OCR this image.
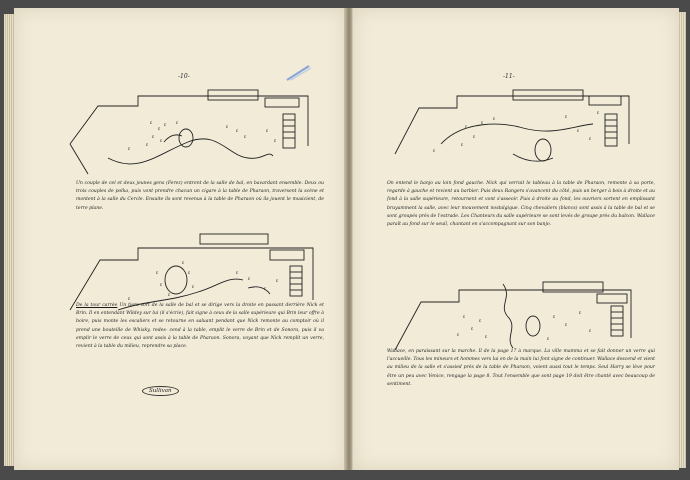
-10-
ε
ε
ε
ε
ε
ε
ε
ε
ε
ε
ε
ε
ε

Un couple de cel et deux jeunes gens (Ferez) entrent de la salle de bal, en bavardant ensemble. Deux ou trois couples de polka, puis vont prendre chacun un cigare à la table de Pharaon, traversent la scène et montent à la salle du Cercle. Ensuite ils sont revenus à la table de Pharaon où ils jouent le musicient, de terre plane.

ε
ε
ε
ε
ε
ε
ε
ε
ε
ε
ε

De la tour carrée Un tiers sort de la salle de bal et se dirige vers la droite en passant derrière Nick et Brin. Il en entendant Wildey sur lui (il s'écrie), fait signe à ceux de la salle supérieure qui Brin leur offre à boire, puis monte les escaliers et se retourne en saluant pendant que Nick remonte au comptoir où il prend une bouteille de Whisky, redes- cend à la table, emplit le verre de Brin et de Sonora, puis il va emplir le verre de ceux qui sont assis à la table de Pharaon. Sonora, voyant que Nick remplit un verre, revient à la table du milieu, reprendre sa place.

Sullivan
-11-
ε
ε
ε
ε
ε	ε
ε
ε
ε
ε

On entend le banjo au loin fond gauche. Nick qui verrait le tableau à la table de Pharaon, remonte à sa porte, regarde à gauche et revient au barbier. Puis deux Rangers s'avancent du côté, puis un berger à bois à droite et au fond à la salle supérieure, retournent et vont s'asseoir. Puis à droite au fond, les ouvriers sortent en emplissant bruyamment la salle, avec leur mouvement nostalgique. Cinq chevaliers (blancs) sont assis à la table de bal et se sont groupés près de l'estrade. Les Chanteurs du salle supérieure se sont levés de groupe près du balcon. Wallace paraît au fond sur le seuil, chantant en s'accompagnant sur son banjo.

ε
ε
ε
ε	ε
ε
ε
ε
ε
ε

Wallace, en paraissant sur la marche. Il de la page 17 à marque. La ville mamma et se fait donner un verre qui l'accueille. Tous les mineurs et hommes vers lui en de la main lui font signe de continuer. Wallace descend et vient au milieu de la salle et s'assied près de la table de Pharaon, voient aussi tout le temps. Seul Harry se lève pour être un peu avec Venice, rengage la page 8. Tout l'ensemble que sont page 19 doit être chanté avec beaucoup de sentiment.
